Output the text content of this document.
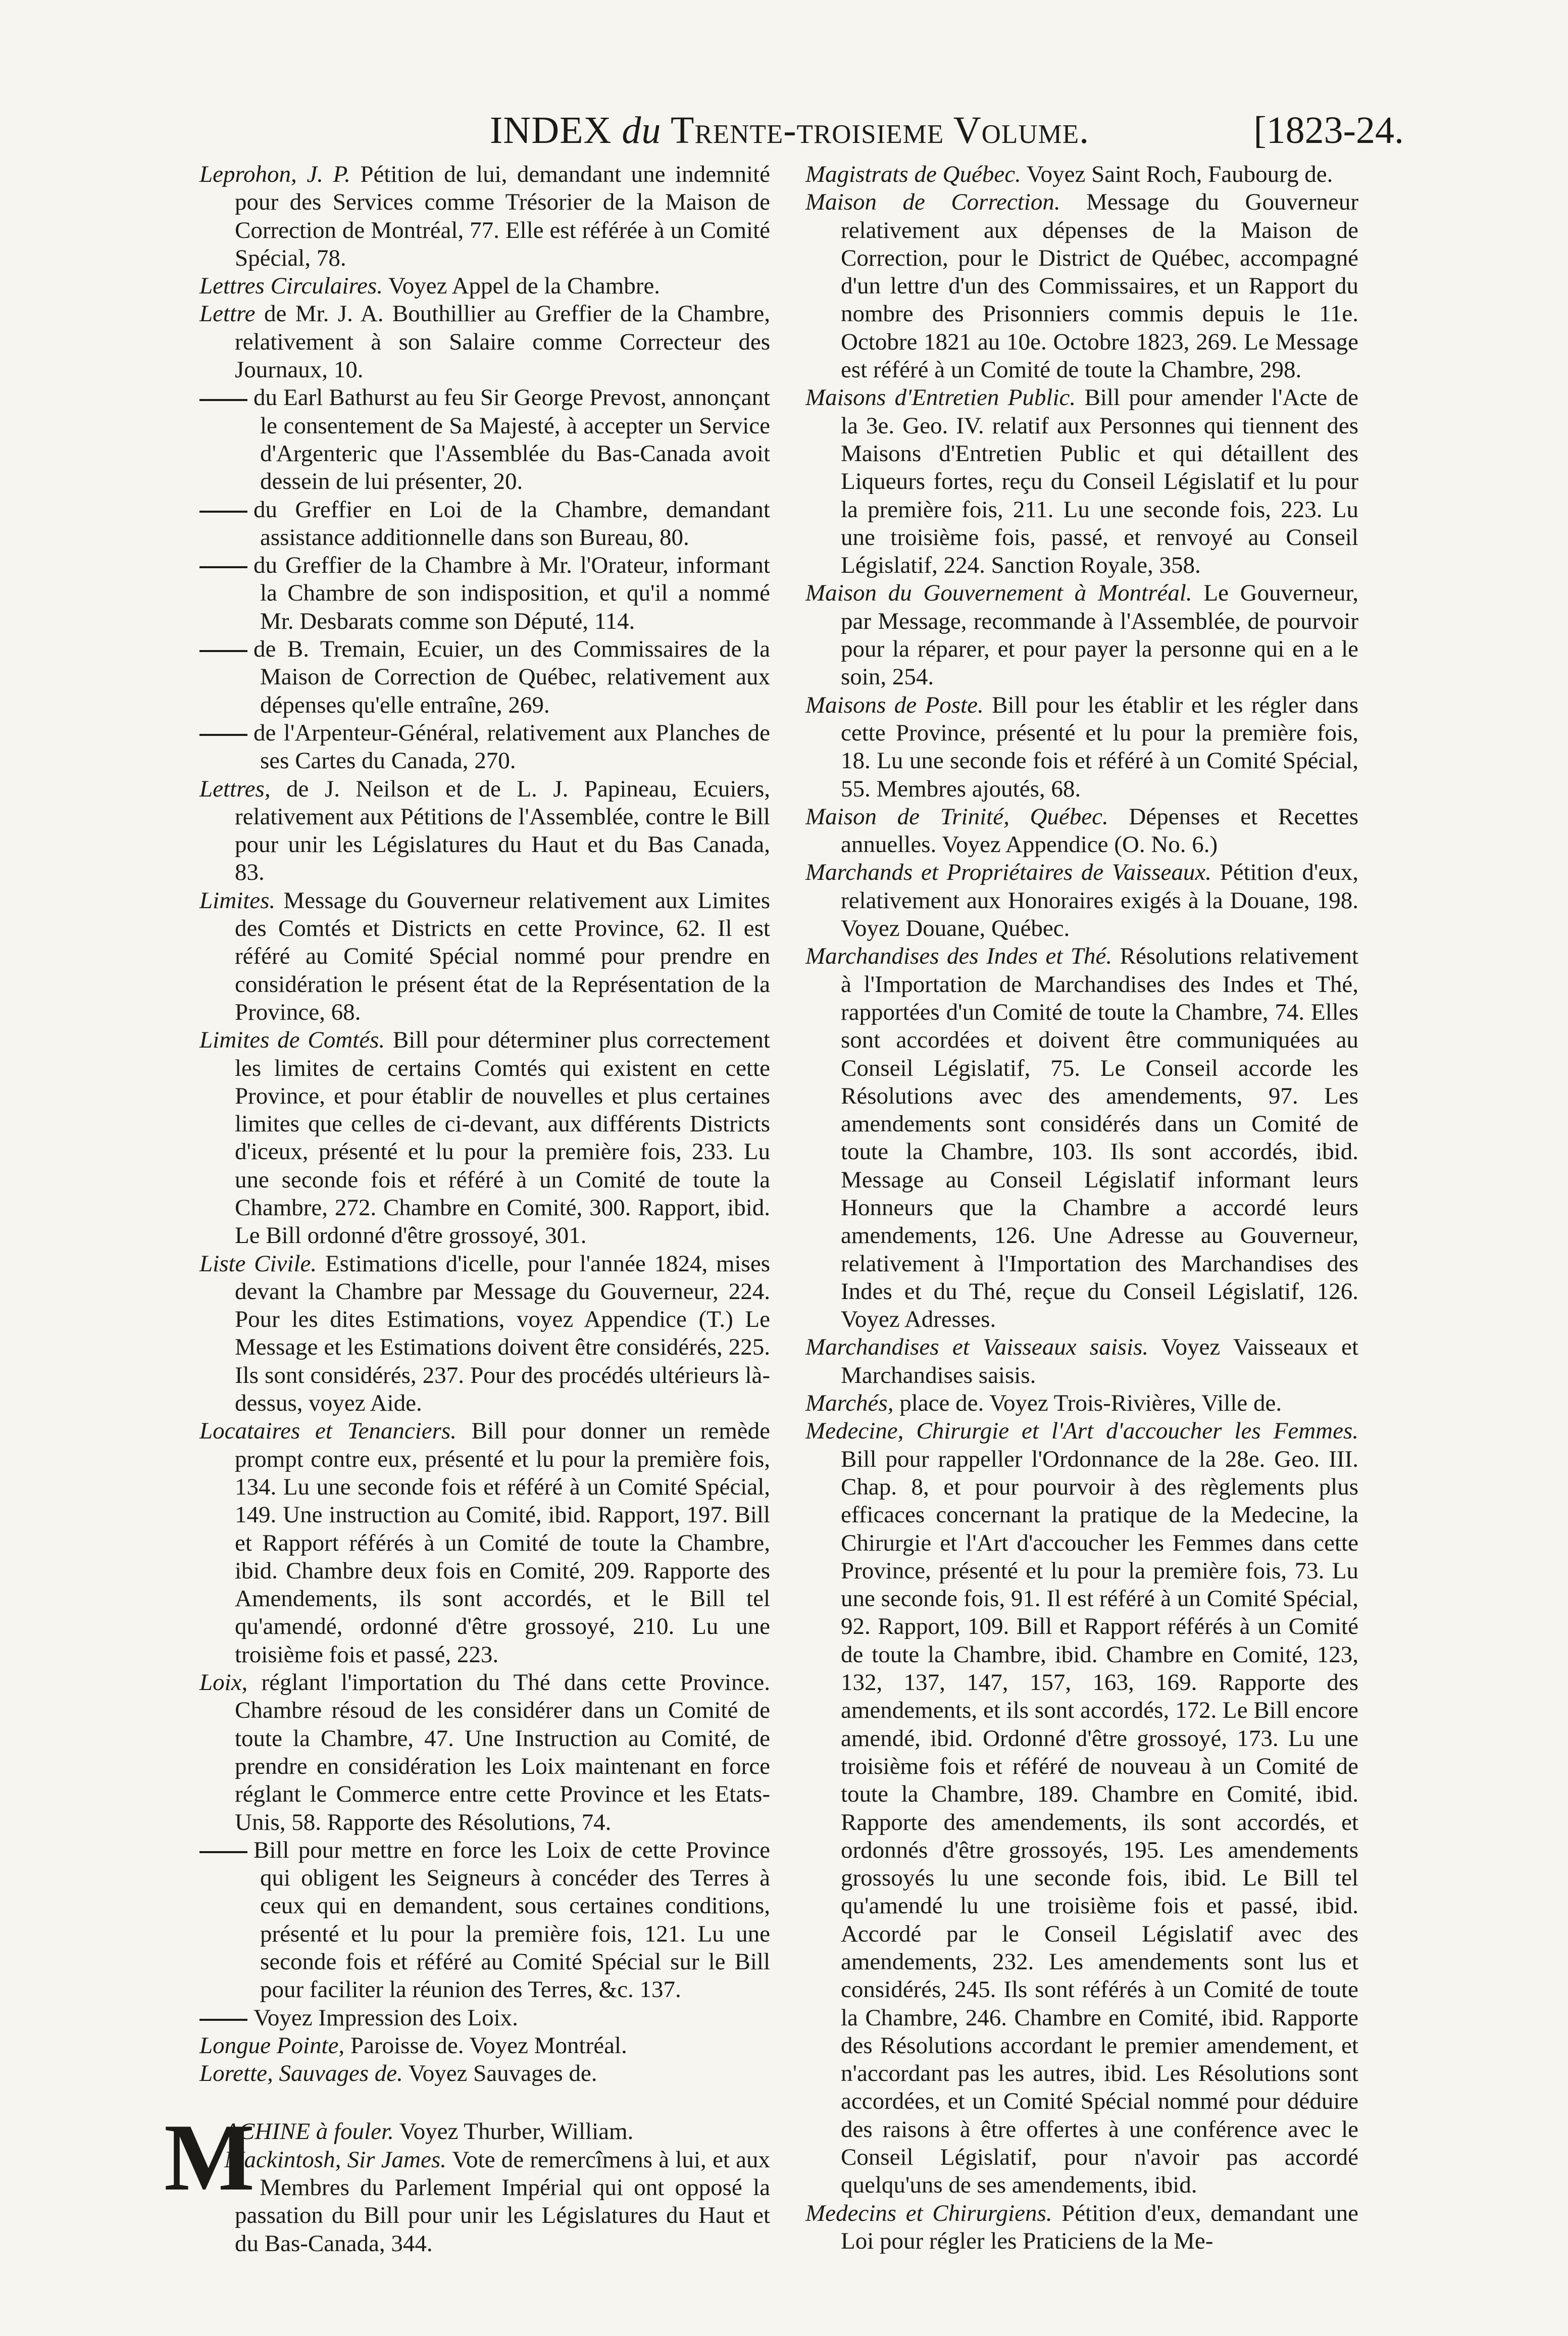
INDEX du Trente-troisieme Volume.	[1823-24.

Leprohon, J. P. Pétition de lui, demandant une indemnité pour des Services comme Trésorier de la Maison de Correction de Montréal, 77. Elle est référée à un Comité Spécial, 78.

Lettres Circulaires. Voyez Appel de la Chambre.

Lettre de Mr. J. A. Bouthillier au Greffier de la Chambre, relativement à son Salaire comme Correcteur des Journaux, 10.

du Earl Bathurst au feu Sir George Prevost, annonçant le consentement de Sa Majesté, à accepter un Service d'Argenteric que l'Assemblée du Bas-Canada avoit dessein de lui présenter, 20.

du Greffier en Loi de la Chambre, demandant assistance additionnelle dans son Bureau, 80.

du Greffier de la Chambre à Mr. l'Orateur, informant la Chambre de son indisposition, et qu'il a nommé Mr. Desbarats comme son Député, 114.

de B. Tremain, Ecuier, un des Commissaires de la Maison de Correction de Québec, relativement aux dépenses qu'elle entraîne, 269.

de l'Arpenteur-Général, relativement aux Planches de ses Cartes du Canada, 270.

Lettres, de J. Neilson et de L. J. Papineau, Ecuiers, relativement aux Pétitions de l'Assemblée, contre le Bill pour unir les Législatures du Haut et du Bas Canada, 83.

Limites. Message du Gouverneur relativement aux Limites des Comtés et Districts en cette Province, 62. Il est référé au Comité Spécial nommé pour prendre en considération le présent état de la Représentation de la Province, 68.

Limites de Comtés. Bill pour déterminer plus correctement les limites de certains Comtés qui existent en cette Province, et pour établir de nouvelles et plus certaines limites que celles de ci-devant, aux différents Districts d'iceux, présenté et lu pour la première fois, 233. Lu une seconde fois et référé à un Comité de toute la Chambre, 272. Chambre en Comité, 300. Rapport, ibid. Le Bill ordonné d'être grossoyé, 301.

Liste Civile. Estimations d'icelle, pour l'année 1824, mises devant la Chambre par Message du Gouverneur, 224. Pour les dites Estimations, voyez Appendice (T.) Le Message et les Estimations doivent être considérés, 225. Ils sont considérés, 237. Pour des procédés ultérieurs là-dessus, voyez Aide.

Locataires et Tenanciers. Bill pour donner un remède prompt contre eux, présenté et lu pour la première fois, 134. Lu une seconde fois et référé à un Comité Spécial, 149. Une instruction au Comité, ibid. Rapport, 197. Bill et Rapport référés à un Comité de toute la Chambre, ibid. Chambre deux fois en Comité, 209. Rapporte des Amendements, ils sont accordés, et le Bill tel qu'amendé, ordonné d'être grossoyé, 210. Lu une troisième fois et passé, 223.

Loix, réglant l'importation du Thé dans cette Province. Chambre résoud de les considérer dans un Comité de toute la Chambre, 47. Une Instruction au Comité, de prendre en considération les Loix maintenant en force réglant le Commerce entre cette Province et les Etats-Unis, 58. Rapporte des Résolutions, 74.

Bill pour mettre en force les Loix de cette Province qui obligent les Seigneurs à concéder des Terres à ceux qui en demandent, sous certaines conditions, présenté et lu pour la première fois, 121. Lu une seconde fois et référé au Comité Spécial sur le Bill pour faciliter la réunion des Terres, &c. 137.

Voyez Impression des Loix.

Longue Pointe, Paroisse de. Voyez Montréal.

Lorette, Sauvages de. Voyez Sauvages de.

M
ACHINE à fouler. Voyez Thurber, William.

Mackintosh, Sir James. Vote de remercîmens à lui, et aux Membres du Parlement Impérial qui ont opposé la passation du Bill pour unir les Législatures du Haut et du Bas-Canada, 344.

Magistrats de Québec. Voyez Saint Roch, Faubourg de.

Maison de Correction. Message du Gouverneur relativement aux dépenses de la Maison de Correction, pour le District de Québec, accompagné d'un lettre d'un des Commissaires, et un Rapport du nombre des Prisonniers commis depuis le 11e. Octobre 1821 au 10e. Octobre 1823, 269. Le Message est référé à un Comité de toute la Chambre, 298.

Maisons d'Entretien Public. Bill pour amender l'Acte de la 3e. Geo. IV. relatif aux Personnes qui tiennent des Maisons d'Entretien Public et qui détaillent des Liqueurs fortes, reçu du Conseil Législatif et lu pour la première fois, 211. Lu une seconde fois, 223. Lu une troisième fois, passé, et renvoyé au Conseil Législatif, 224. Sanction Royale, 358.

Maison du Gouvernement à Montréal. Le Gouverneur, par Message, recommande à l'Assemblée, de pourvoir pour la réparer, et pour payer la personne qui en a le soin, 254.

Maisons de Poste. Bill pour les établir et les régler dans cette Province, présenté et lu pour la première fois, 18. Lu une seconde fois et référé à un Comité Spécial, 55. Membres ajoutés, 68.

Maison de Trinité, Québec. Dépenses et Recettes annuelles. Voyez Appendice (O. No. 6.)

Marchands et Propriétaires de Vaisseaux. Pétition d'eux, relativement aux Honoraires exigés à la Douane, 198. Voyez Douane, Québec.

Marchandises des Indes et Thé. Résolutions relativement à l'Importation de Marchandises des Indes et Thé, rapportées d'un Comité de toute la Chambre, 74. Elles sont accordées et doivent être communiquées au Conseil Législatif, 75. Le Conseil accorde les Résolutions avec des amendements, 97. Les amendements sont considérés dans un Comité de toute la Chambre, 103. Ils sont accordés, ibid. Message au Conseil Législatif informant leurs Honneurs que la Chambre a accordé leurs amendements, 126. Une Adresse au Gouverneur, relativement à l'Importation des Marchandises des Indes et du Thé, reçue du Conseil Législatif, 126. Voyez Adresses.

Marchandises et Vaisseaux saisis. Voyez Vaisseaux et Marchandises saisis.

Marchés, place de. Voyez Trois-Rivières, Ville de.

Medecine, Chirurgie et l'Art d'accoucher les Femmes. Bill pour rappeller l'Ordonnance de la 28e. Geo. III. Chap. 8, et pour pourvoir à des règlements plus efficaces concernant la pratique de la Medecine, la Chirurgie et l'Art d'accoucher les Femmes dans cette Province, présenté et lu pour la première fois, 73. Lu une seconde fois, 91. Il est référé à un Comité Spécial, 92. Rapport, 109. Bill et Rapport référés à un Comité de toute la Chambre, ibid. Chambre en Comité, 123, 132, 137, 147, 157, 163, 169. Rapporte des amendements, et ils sont accordés, 172. Le Bill encore amendé, ibid. Ordonné d'être grossoyé, 173. Lu une troisième fois et référé de nouveau à un Comité de toute la Chambre, 189. Chambre en Comité, ibid. Rapporte des amendements, ils sont accordés, et ordonnés d'être grossoyés, 195. Les amendements grossoyés lu une seconde fois, ibid. Le Bill tel qu'amendé lu une troisième fois et passé, ibid. Accordé par le Conseil Législatif avec des amendements, 232. Les amendements sont lus et considérés, 245. Ils sont référés à un Comité de toute la Chambre, 246. Chambre en Comité, ibid. Rapporte des Résolutions accordant le premier amendement, et n'accordant pas les autres, ibid. Les Résolutions sont accordées, et un Comité Spécial nommé pour déduire des raisons à être offertes à une conférence avec le Conseil Législatif, pour n'avoir pas accordé quelqu'uns de ses amendements, ibid.

Medecins et Chirurgiens. Pétition d'eux, demandant une Loi pour régler les Praticiens de la Me-
